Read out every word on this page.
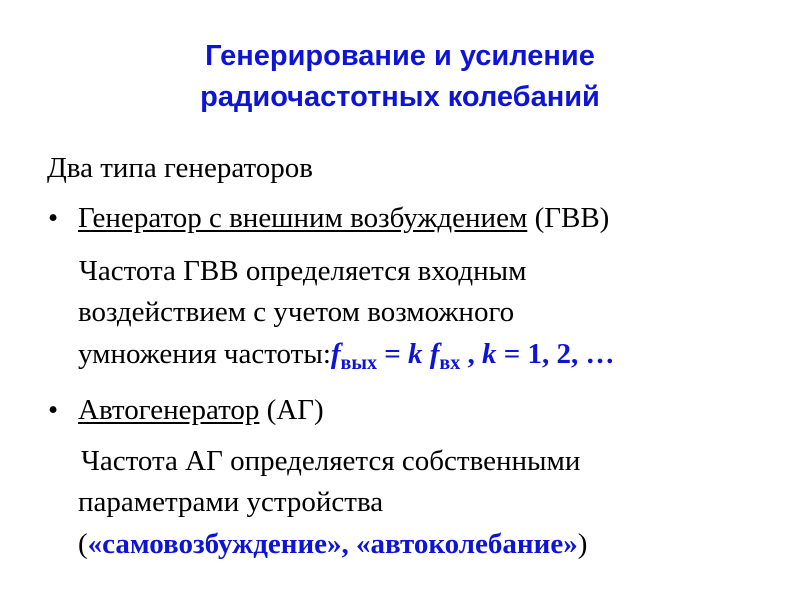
Генерирование и усиление
радиочастотных колебаний

Два типа генераторов

• Генератор с внешним возбуждением (ГВВ)

Частота ГВВ определяется входным

воздействием с учетом возможного

умножения $частоты:f_{вых} = k$ $f_{вх}$ , k = 1, 2, …

• Автогенератор (АГ)

Частота АГ определяется собственными

параметрами устройства

(«самовозбуждение», «автоколебание»)
